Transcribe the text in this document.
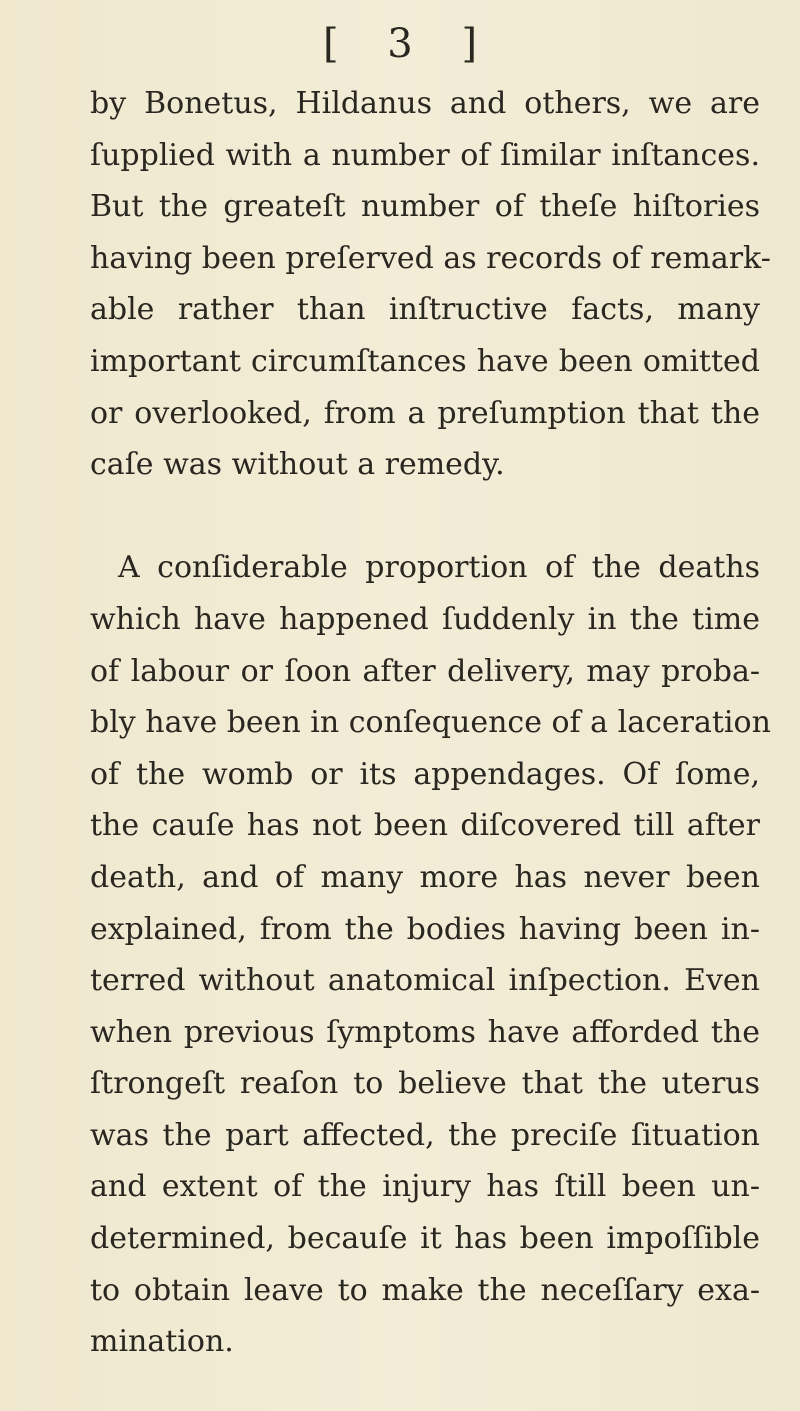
[ 3 ]
by Bonetus, Hildanus and others, we are
ſupplied with a number of ſimilar inſtances.
But the greateſt number of theſe hiſtories
having been preſerved as records of remark-
able rather than inſtructive facts, many
important circumſtances have been omitted
or overlooked, from a preſumption that the
caſe was without a remedy.
A conſiderable proportion of the deaths
which have happened ſuddenly in the time
of labour or ſoon after delivery, may proba-
bly have been in conſequence of a laceration
of the womb or its appendages. Of ſome,
the cauſe has not been diſcovered till after
death, and of many more has never been
explained, from the bodies having been in-
terred without anatomical inſpection. Even
when previous ſymptoms have afforded the
ſtrongeſt reaſon to believe that the uterus
was the part affected, the preciſe ſituation
and extent of the injury has ſtill been un-
determined, becauſe it has been impoſſible
to obtain leave to make the neceſſary exa-
mination.
